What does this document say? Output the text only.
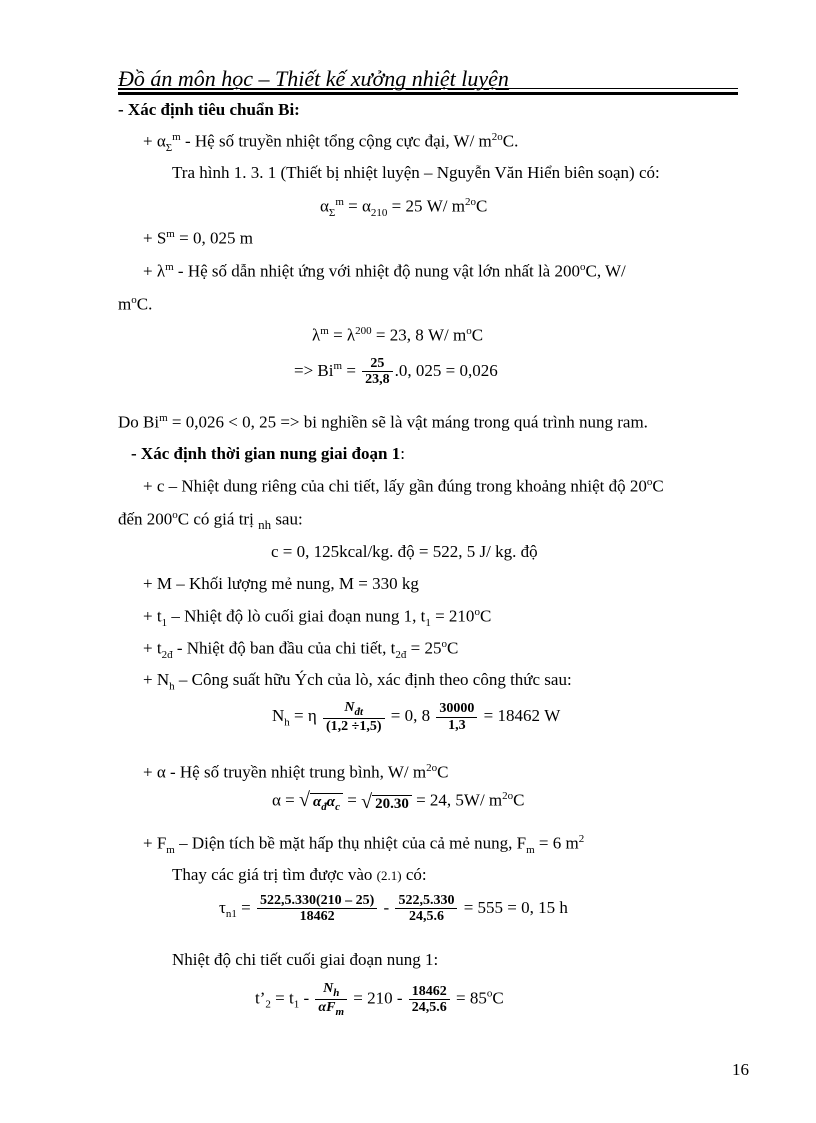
Đồ án môn học – Thiết kế xưởng nhiệt luyện
- Xác định tiêu chuẩn Bi:
+ $\alpha_\Sigma^m$ - Hệ số truyền nhiệt tổng cộng cực đại, W/ $m^{2o}C$.
Tra hình 1. 3. 1 (Thiết bị nhiệt luyện – Nguyễn Văn Hiển biên soạn) có:
$\alpha_\Sigma^m = \alpha_{210} = 25$ W/ $m^{2o}C$
+ $S^m = 0$, 025 m
+ $\lambda^m$ - Hệ số dẫn nhiệt ứng với nhiệt độ nung vật lớn nhất là 200$^o$C, W/
$m^oC$.
$\lambda^m = \lambda^{200} = 23$, 8 W/ $m^oC$
=> $Bi^m = \frac{25}{23,8} .0$, 025 = 0,026
Do $Bi^m = 0,026 < 0$, 25 => bi nghiền sẽ là vật máng trong quá trình nung ram.
- Xác định thời gian nung giai đoạn 1:
+ c – Nhiệt dung riêng của chi tiết, lấy gần đúng trong khoảng nhiệt độ 20$^o$C
đến 200$^o$C có giá trị $_{nh}$ sau:
c = 0, 125kcal/kg. độ = 522, 5 J/ kg. độ
+ M – Khối lượng mẻ nung, M = 330 kg
+ $t_1$ – Nhiệt độ lò cuối giai đoạn nung 1, $t_1 = 210^oC$
+ $t_{2đ}$ - Nhiệt độ ban đầu của chi tiết, $t_{2đ} = 25^oC$
+ $N_h$ – Công suất hữu Ých của lò, xác định theo công thức sau:
$N_h = \eta \frac{N_{đt}}{(1,2 \div 1,5)} = 0$, $8 \frac{30000}{1,3} = 18462$ W
+ α - Hệ số truyền nhiệt trung bình, W/ $m^{2o}C$
α = √ $\alpha_đ\alpha_c$ = √ 20.30 = 24, 5W/ $m^{2o}C$
+ $F_m$ – Diện tích bề mặt hấp thụ nhiệt của cả mẻ nung, $F_m = 6$ $m^2$
Thay các giá trị tìm được vào (2.1) có:
$\tau_{n1} = \frac{522,5.330(210 - 25)}{18462} - \frac{522,5.330}{24,5.6} = 555 = 0$, 15 h
Nhiệt độ chi tiết cuối giai đoạn nung 1:
$t’_2 = t_1 - \frac{N_h}{\alpha F_m} = 210 - \frac{18462}{24,5.6} = 85^oC$
16
